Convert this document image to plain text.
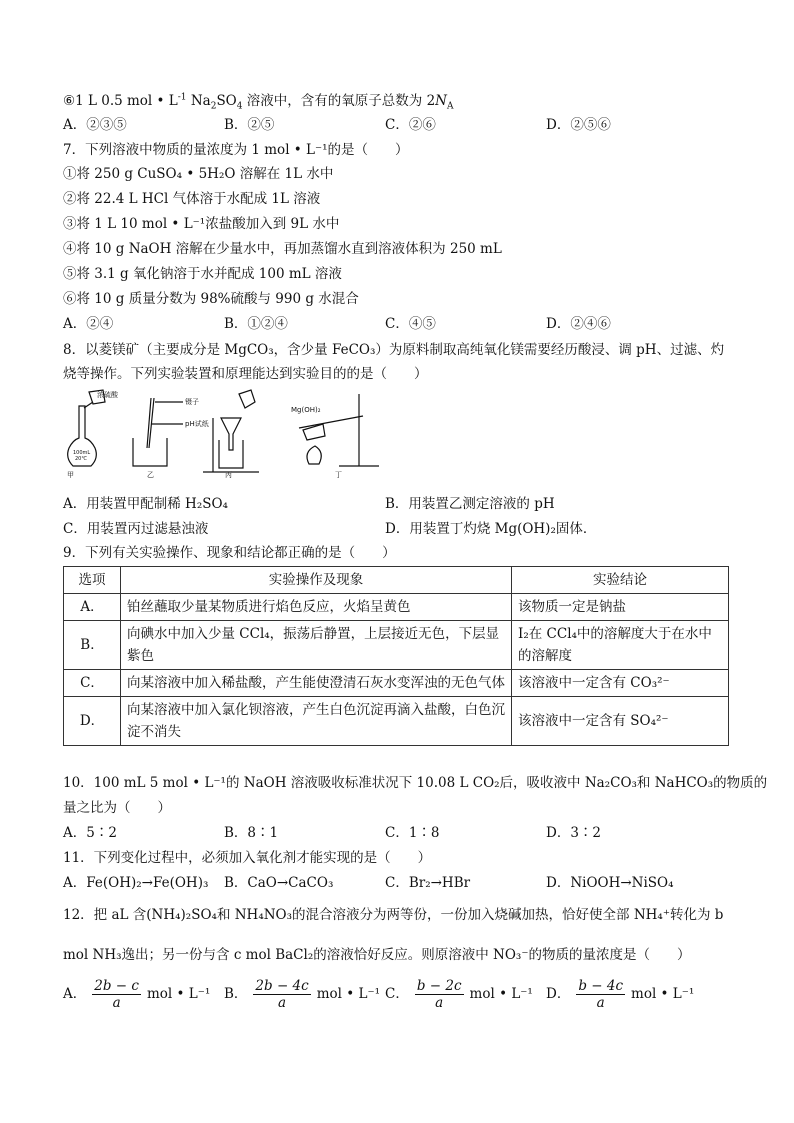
⑥1 L 0.5 mol • $L^{-1}$ $Na_2SO_4$ 溶液中，含有的氧原子总数为 $2N_A$
A．②③⑤	B．②⑤	C．②⑥	D．②⑤⑥
7．下列溶液中物质的量浓度为 1 mol • L⁻¹的是（　　）
①将 250 g CuSO₄ • 5H₂O 溶解在 1L 水中
②将 22.4 L HCl 气体溶于水配成 1L 溶液
③将 1 L 10 mol • L⁻¹浓盐酸加入到 9L 水中
④将 10 g NaOH 溶解在少量水中，再加蒸馏水直到溶液体积为 250 mL
⑤将 3.1 g 氧化钠溶于水并配成 100 mL 溶液
⑥将 10 g 质量分数为 98%硫酸与 990 g 水混合
A．②④	B．①②④	C．④⑤	D．②④⑥
8．以菱镁矿（主要成分是 MgCO₃，含少量 FeCO₃）为原料制取高纯氧化镁需要经历酸浸、调 pH、过滤、灼
烧等操作。下列实验装置和原理能达到实验目的的是（　　）
浓硫酸
镊子
pH试纸
Mg(OH)₂
100mL
20℃
甲	乙	丙	丁
A．用装置甲配制稀 H₂SO₄	B．用装置乙测定溶液的 pH
C．用装置丙过滤悬浊液	D．用装置丁灼烧 Mg(OH)₂固体．
9．下列有关实验操作、现象和结论都正确的是（　　）
选项	实验操作及现象	实验结论
A．	铂丝蘸取少量某物质进行焰色反应，火焰呈黄色	该物质一定是钠盐
B．	向碘水中加入少量 CCl₄，振荡后静置，上层接近无色，下层显紫色	I₂在 CCl₄中的溶解度大于在水中的溶解度
C．	向某溶液中加入稀盐酸，产生能使澄清石灰水变浑浊的无色气体	该溶液中一定含有 CO₃²⁻
D．	向某溶液中加入氯化钡溶液，产生白色沉淀再滴入盐酸，白色沉淀不消失	该溶液中一定含有 SO₄²⁻
10．100 mL 5 mol • L⁻¹的 NaOH 溶液吸收标准状况下 10.08 L CO₂后，吸收液中 Na₂CO₃和 NaHCO₃的物质的
量之比为（　　）
A．5∶2	B．8∶1	C．1∶8	D．3∶2
11．下列变化过程中，必须加入氧化剂才能实现的是（　　）
A．Fe(OH)₂→Fe(OH)₃ B．CaO→CaCO₃	C．Br₂→HBr	D．NiOOH→NiSO₄
12．把 aL 含(NH₄)₂SO₄和 NH₄NO₃的混合溶液分为两等份，一份加入烧碱加热，恰好使全部 NH₄⁺转化为 b
mol NH₃逸出；另一份与含 c mol BaCl₂的溶液恰好反应。则原溶液中 NO₃⁻的物质的量浓度是（　　）
A． $\frac{2b - c}{a}$ mol • L⁻¹ B． $\frac{2b - 4c}{a}$ mol • L⁻¹ C． $\frac{b - 2c}{a}$ mol • L⁻¹ D． $\frac{b - 4c}{a}$ mol • L⁻¹
